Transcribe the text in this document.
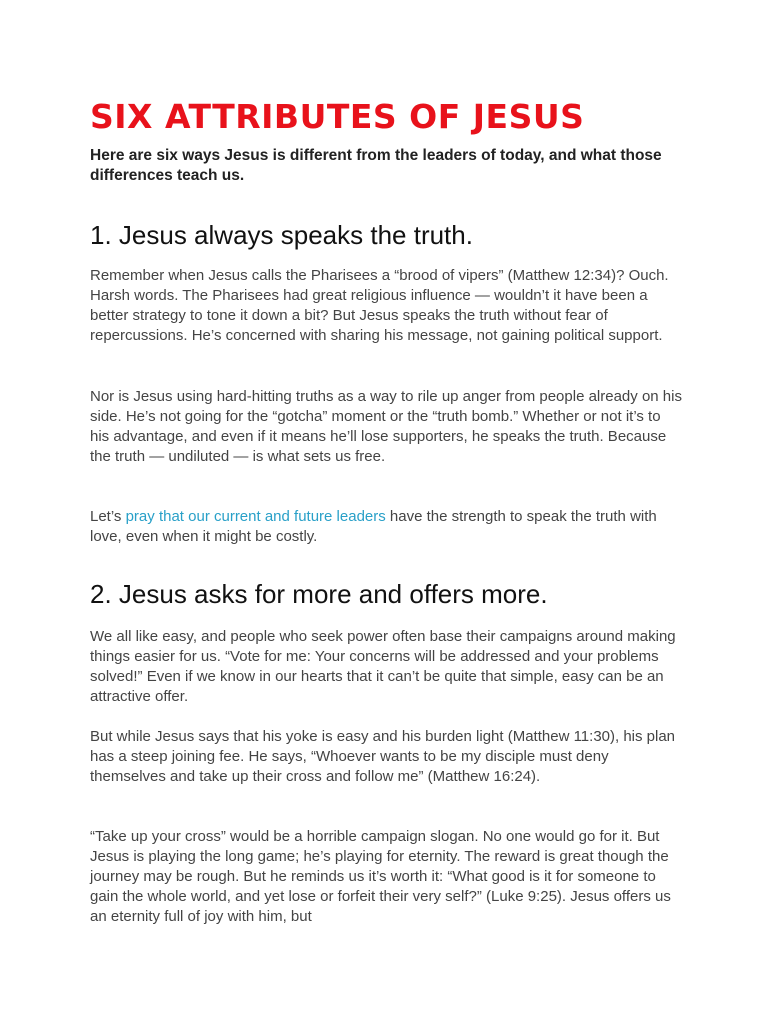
SIX ATTRIBUTES OF JESUS
Here are six ways Jesus is different from the leaders of today, and what those differences teach us.
1. Jesus always speaks the truth.

Remember when Jesus calls the Pharisees a “brood of vipers” (Matthew 12:34)? Ouch. Harsh words. The Pharisees had great religious influence — wouldn’t it have been a better strategy to tone it down a bit? But Jesus speaks the truth without fear of repercussions. He’s concerned with sharing his message, not gaining political support.

Nor is Jesus using hard-hitting truths as a way to rile up anger from people already on his side. He’s not going for the “gotcha” moment or the “truth bomb.” Whether or not it’s to his advantage, and even if it means he’ll lose supporters, he speaks the truth. Because the truth — undiluted — is what sets us free.

Let’s pray that our current and future leaders have the strength to speak the truth with love, even when it might be costly.

2. Jesus asks for more and offers more.

We all like easy, and people who seek power often base their campaigns around making things easier for us. “Vote for me: Your concerns will be addressed and your problems solved!” Even if we know in our hearts that it can’t be quite that simple, easy can be an attractive offer.

But while Jesus says that his yoke is easy and his burden light (Matthew 11:30), his plan has a steep joining fee. He says, “Whoever wants to be my disciple must deny themselves and take up their cross and follow me” (Matthew 16:24).

“Take up your cross” would be a horrible campaign slogan. No one would go for it. But Jesus is playing the long game; he’s playing for eternity. The reward is great though the journey may be rough. But he reminds us it’s worth it: “What good is it for someone to gain the whole world, and yet lose or forfeit their very self?” (Luke 9:25). Jesus offers us an eternity full of joy with him, but
